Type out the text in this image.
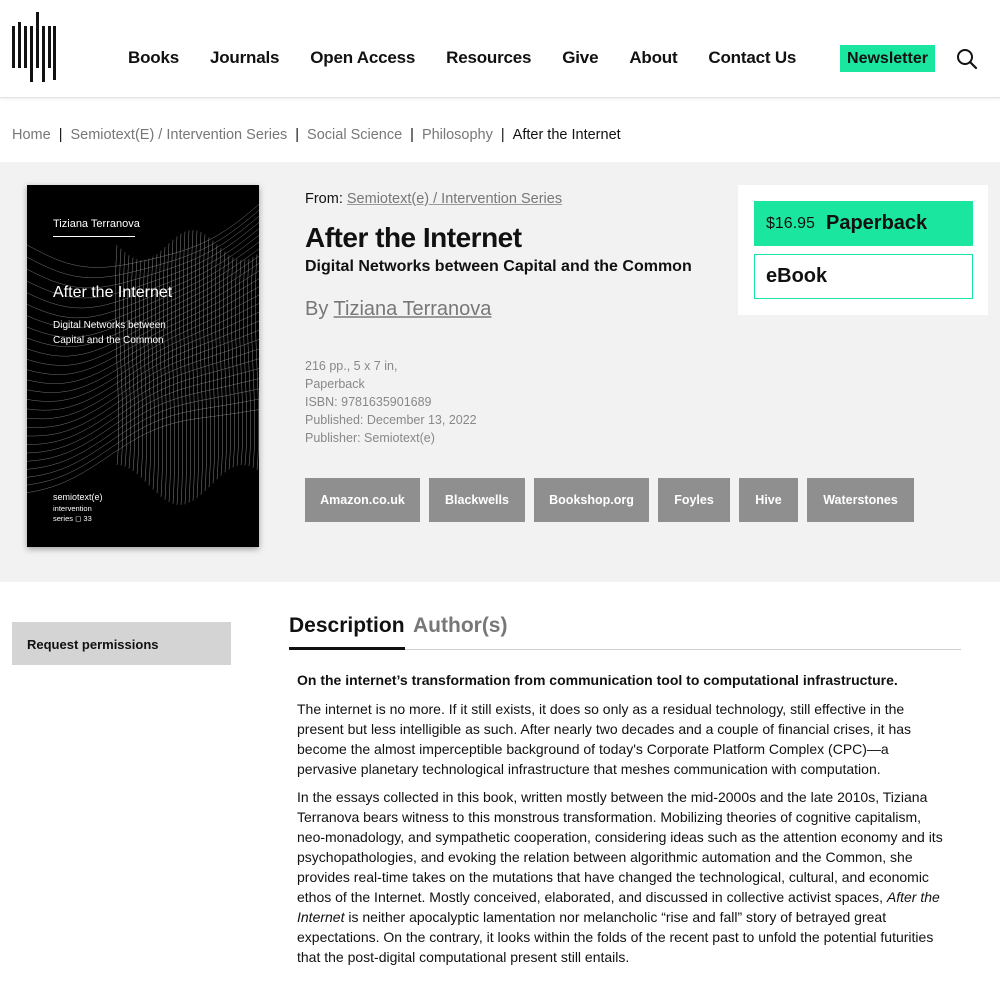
Books Journals Open Access Resources Give About Contact Us	Newsletter
Home | Semiotext(E) / Intervention Series | Social Science | Philosophy | After the Internet
Tiziana Terranova
After the Internet
Digital Networks between
Capital and the Common
semiotext(e)
intervention
series ◻ 33
From: Semiotext(e) / Intervention Series
After the Internet
Digital Networks between Capital and the Common
By Tiziana Terranova
216 pp., 5 x 7 in,
Paperback
ISBN: 9781635901689
Published: December 13, 2022
Publisher: Semiotext(e)
Amazon.co.uk	Blackwells	Bookshop.org	Foyles	Hive	Waterstones
$16.95 Paperback
eBook
Request permissions
Description Author(s)

On the internet’s transformation from communication tool to computational infrastructure.

The internet is no more. If it still exists, it does so only as a residual technology, still effective in the present but less intelligible as such. After nearly two decades and a couple of financial crises, it has become the almost imperceptible background of today's Corporate Platform Complex (CPC)—a pervasive planetary technological infrastructure that meshes communication with computation.

In the essays collected in this book, written mostly between the mid-2000s and the late 2010s, Tiziana Terranova bears witness to this monstrous transformation. Mobilizing theories of cognitive capitalism, neo-monadology, and sympathetic cooperation, considering ideas such as the attention economy and its psychopathologies, and evoking the relation between algorithmic automation and the Common, she provides real-time takes on the mutations that have changed the technological, cultural, and economic ethos of the Internet. Mostly conceived, elaborated, and discussed in collective activist spaces, After the Internet is neither apocalyptic lamentation nor melancholic “rise and fall” story of betrayed great expectations. On the contrary, it looks within the folds of the recent past to unfold the potential futurities that the post-digital computational present still entails.
